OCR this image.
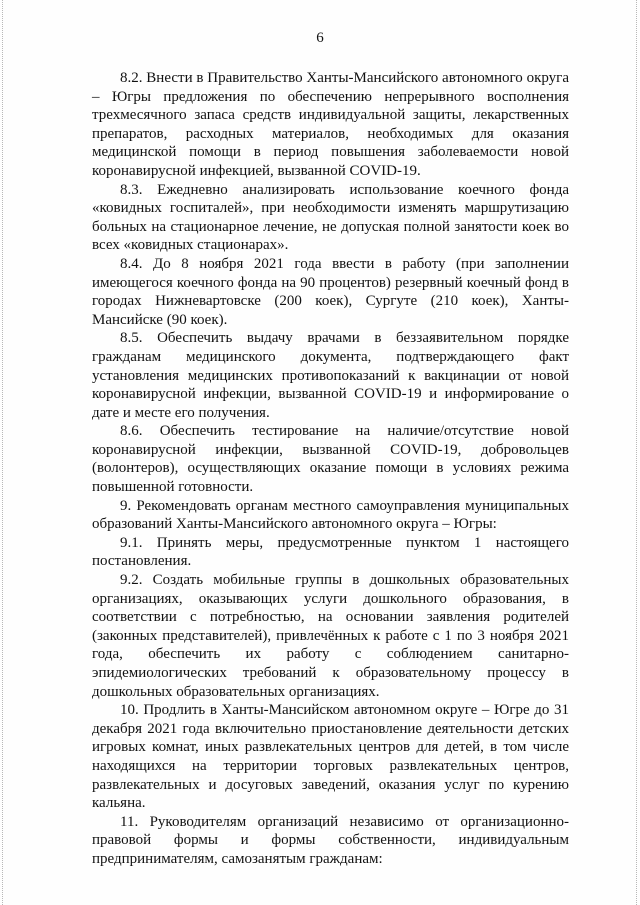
6

8.2. Внести в Правительство Ханты-Мансийского автономного округа – Югры предложения по обеспечению непрерывного восполнения трехмесячного запаса средств индивидуальной защиты, лекарственных препаратов, расходных материалов, необходимых для оказания медицинской помощи в период повышения заболеваемости новой коронавирусной инфекцией, вызванной COVID-19.

8.3. Ежедневно анализировать использование коечного фонда «ковидных госпиталей», при необходимости изменять маршрутизацию больных на стационарное лечение, не допуская полной занятости коек во всех «ковидных стационарах».

8.4. До 8 ноября 2021 года ввести в работу (при заполнении имеющегося коечного фонда на 90 процентов) резервный коечный фонд в городах Нижневартовске (200 коек), Сургуте (210 коек), Ханты-Мансийске (90 коек).

8.5. Обеспечить выдачу врачами в беззаявительном порядке гражданам медицинского документа, подтверждающего факт установления медицинских противопоказаний к вакцинации от новой коронавирусной инфекции, вызванной COVID-19 и информирование о дате и месте его получения.

8.6. Обеспечить тестирование на наличие/отсутствие новой коронавирусной инфекции, вызванной COVID-19, добровольцев (волонтеров), осуществляющих оказание помощи в условиях режима повышенной готовности.

9. Рекомендовать органам местного самоуправления муниципальных образований Ханты-Мансийского автономного округа – Югры:

9.1. Принять меры, предусмотренные пунктом 1 настоящего постановления.

9.2. Создать мобильные группы в дошкольных образовательных организациях, оказывающих услуги дошкольного образования, в соответствии с потребностью, на основании заявления родителей (законных представителей), привлечённых к работе с 1 по 3 ноября 2021 года, обеспечить их работу с соблюдением санитарно-эпидемиологических требований к образовательному процессу в дошкольных образовательных организациях.

10. Продлить в Ханты-Мансийском автономном округе – Югре до 31 декабря 2021 года включительно приостановление деятельности детских игровых комнат, иных развлекательных центров для детей, в том числе находящихся на территории торговых развлекательных центров, развлекательных и досуговых заведений, оказания услуг по курению кальяна.

11. Руководителям организаций независимо от организационно-правовой формы и формы собственности, индивидуальным предпринимателям, самозанятым гражданам:
